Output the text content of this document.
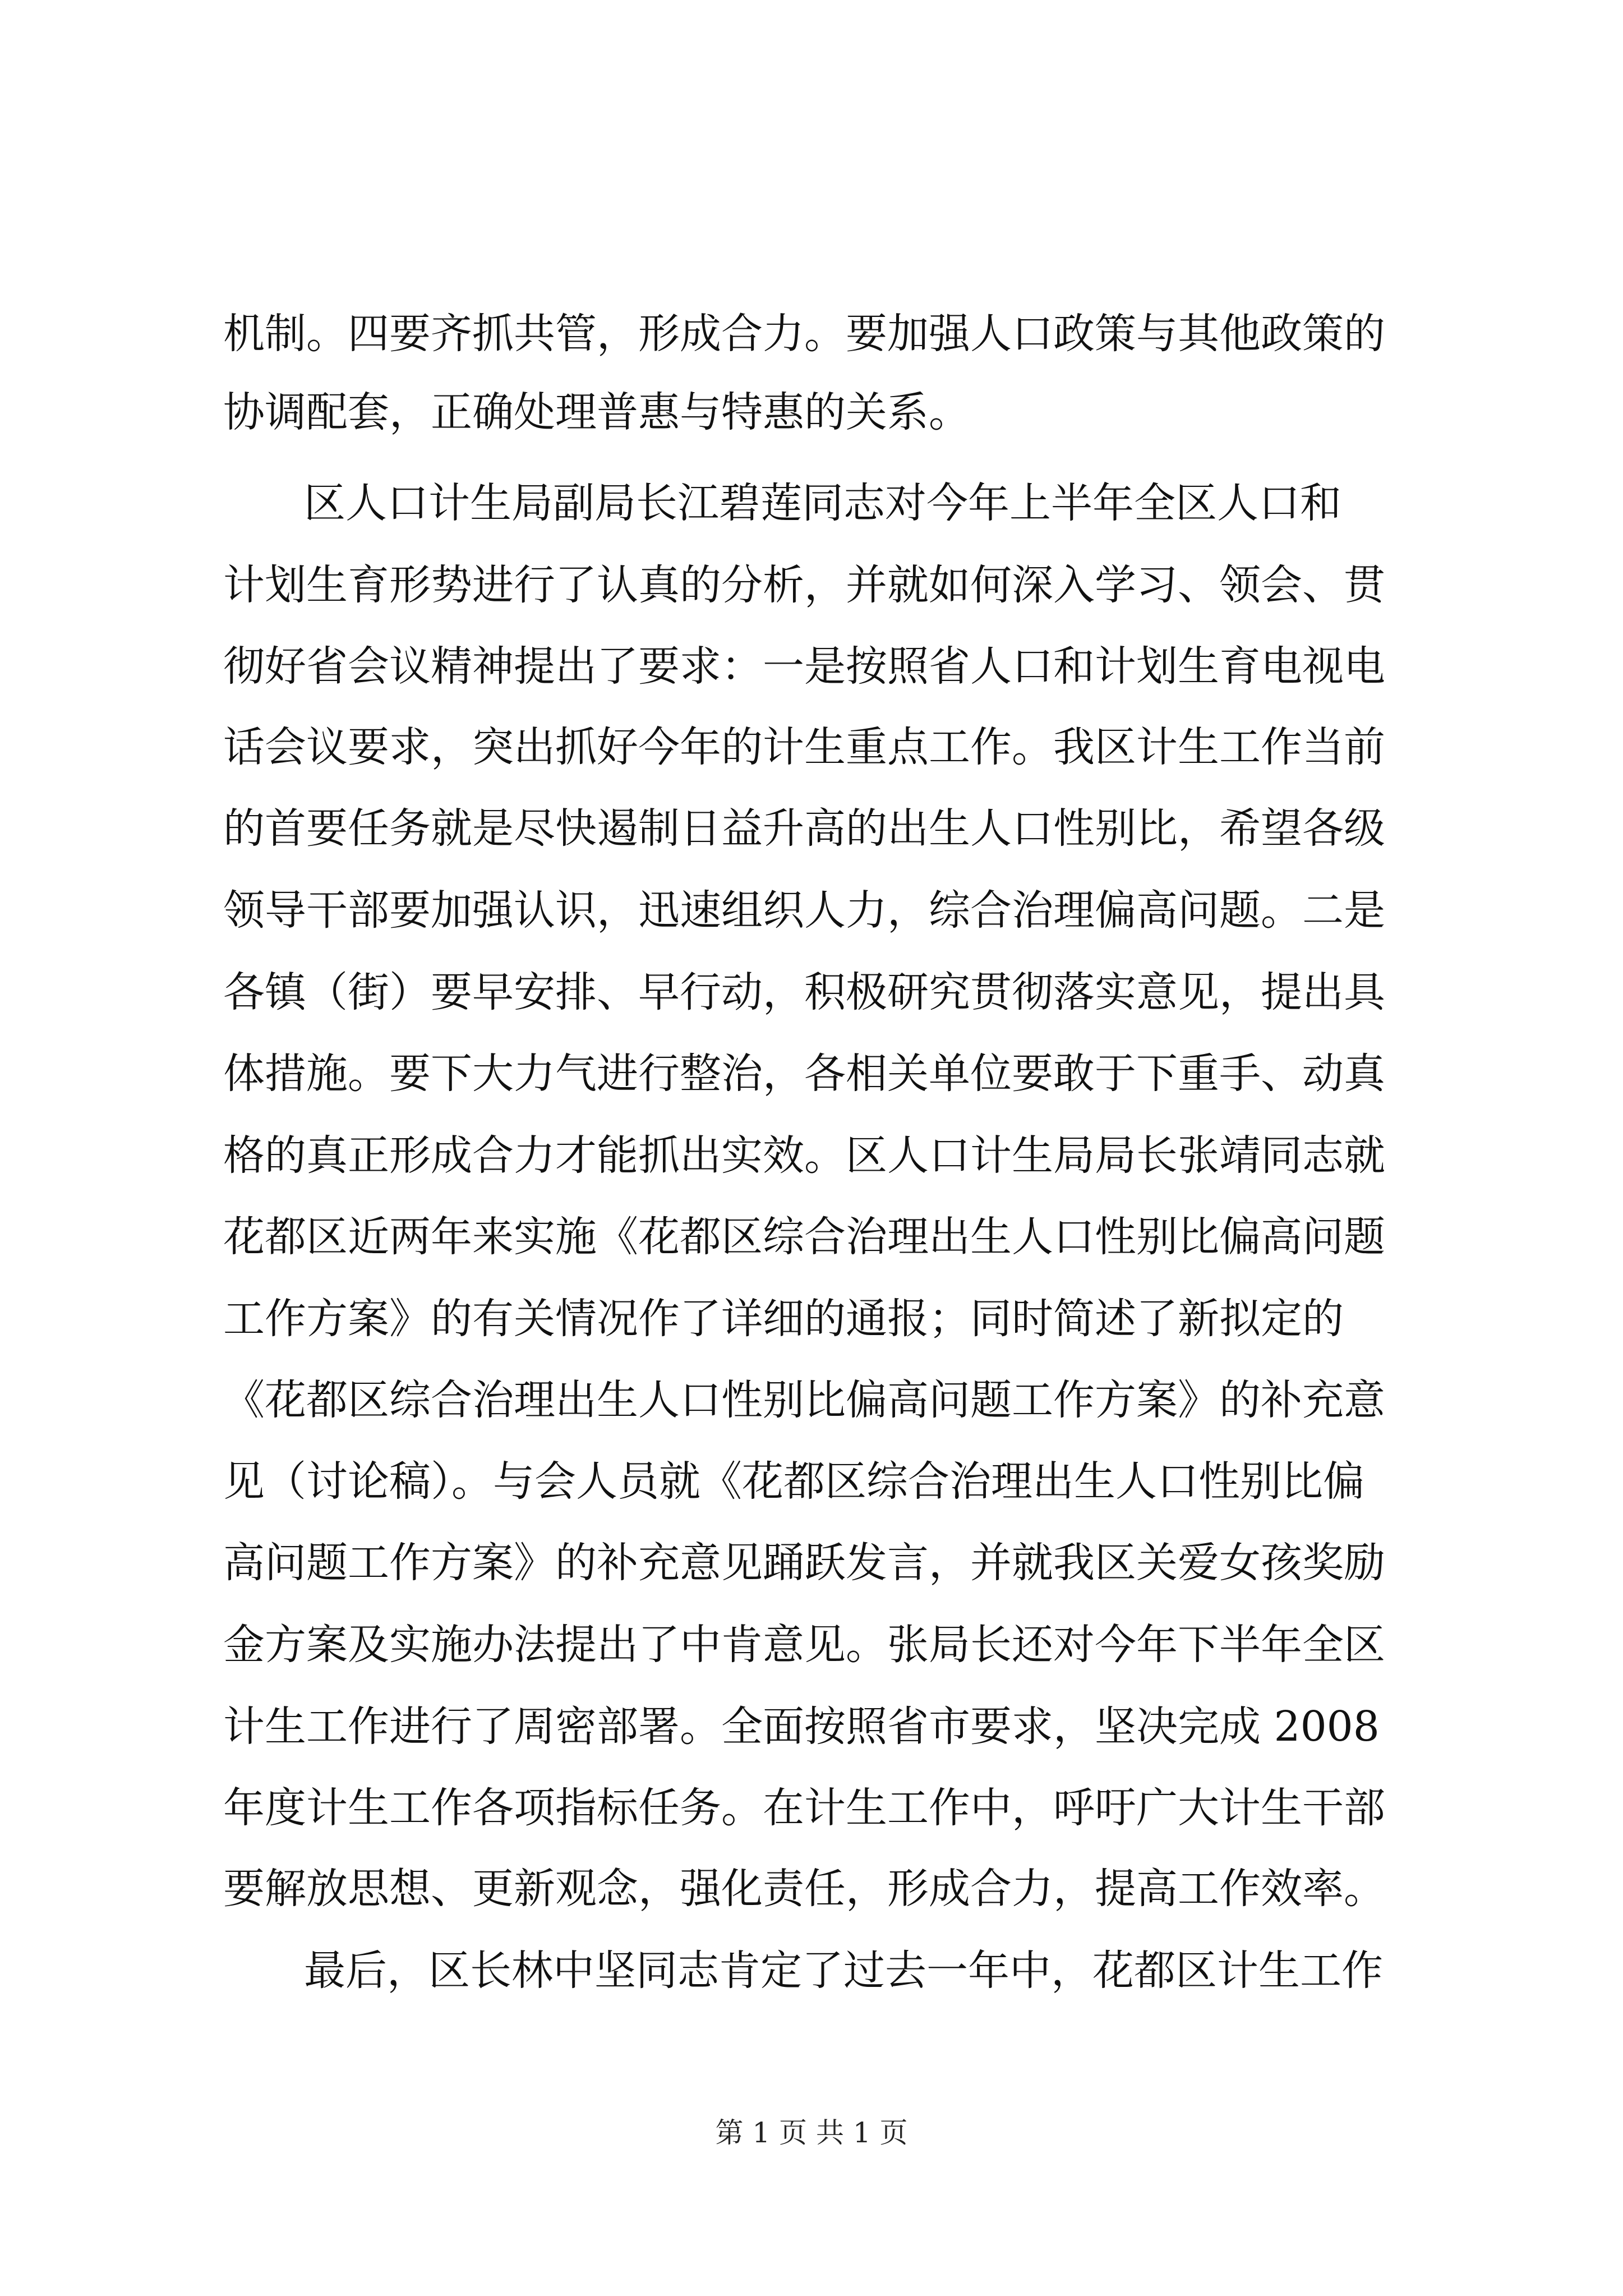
机制。四要齐抓共管，形成合力。要加强人口政策与其他政策的
协调配套，正确处理普惠与特惠的关系。
区人口计生局副局长江碧莲同志对今年上半年全区人口和
计划生育形势进行了认真的分析，并就如何深入学习、领会、贯
彻好省会议精神提出了要求：一是按照省人口和计划生育电视电
话会议要求，突出抓好今年的计生重点工作。我区计生工作当前
的首要任务就是尽快遏制日益升高的出生人口性别比，希望各级
领导干部要加强认识，迅速组织人力，综合治理偏高问题。二是
各镇（街）要早安排、早行动，积极研究贯彻落实意见，提出具
体措施。要下大力气进行整治，各相关单位要敢于下重手、动真
格的真正形成合力才能抓出实效。区人口计生局局长张靖同志就
花都区近两年来实施《花都区综合治理出生人口性别比偏高问题
工作方案》的有关情况作了详细的通报；同时简述了新拟定的
《花都区综合治理出生人口性别比偏高问题工作方案》的补充意
见（讨论稿）。与会人员就《花都区综合治理出生人口性别比偏
高问题工作方案》的补充意见踊跃发言，并就我区关爱女孩奖励
金方案及实施办法提出了中肯意见。张局长还对今年下半年全区
计生工作进行了周密部署。全面按照省市要求，坚决完成 2008
年度计生工作各项指标任务。在计生工作中，呼吁广大计生干部
要解放思想、更新观念，强化责任，形成合力，提高工作效率。
最后，区长林中坚同志肯定了过去一年中，花都区计生工作
第 1 页 共 1 页
